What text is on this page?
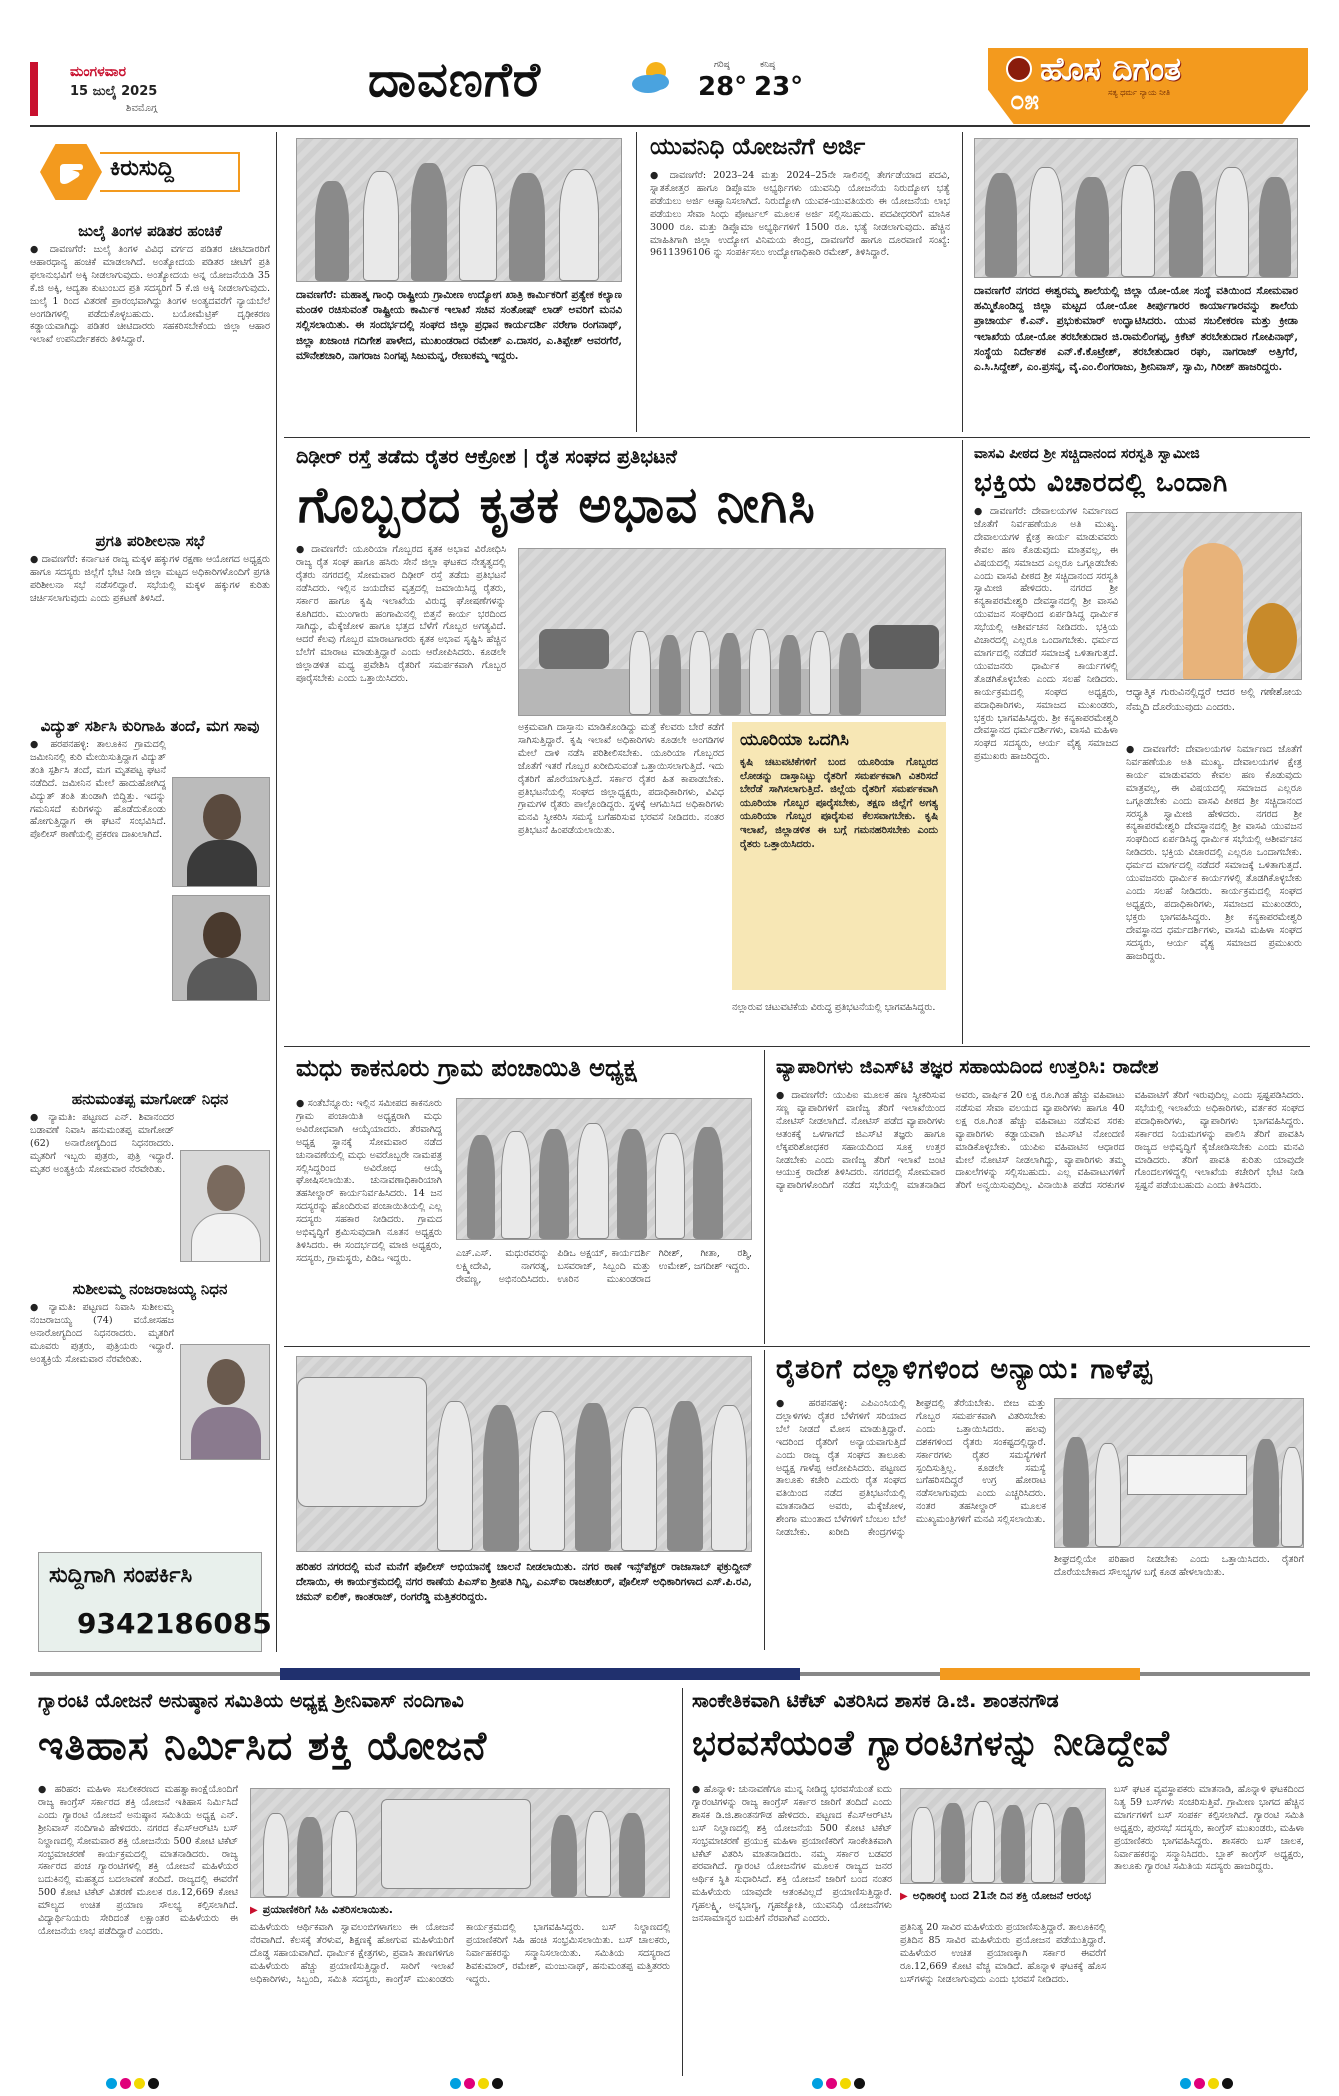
ಮಂಗಳವಾರ
15 ಜುಲೈ 2025
ಶಿವಮೊಗ್ಗ
ದಾವಣಗೆರೆ	ಗರಿಷ್ಠ
28°
ಕನಿಷ್ಠ
23°	ಹೊಸ ದಿಗಂತ
ಸತ್ಯ ಧರ್ಮ ನ್ಯಾಯ ನೀತಿ
೦೫
ಕಿರುಸುದ್ದಿ
ಜುಲೈ ತಿಂಗಳ ಪಡಿತರ ಹಂಚಿಕೆ
● ದಾವಣಗೆರೆ: ಜುಲೈ ತಿಂಗಳ ವಿವಿಧ ವರ್ಗದ ಪಡಿತರ ಚೀಟಿದಾರರಿಗೆ ಆಹಾರಧಾನ್ಯ ಹಂಚಿಕೆ ಮಾಡಲಾಗಿದೆ. ಅಂತ್ಯೋದಯ ಪಡಿತರ ಚೀಟಿಗೆ ಪ್ರತಿ ಫಲಾನುಭವಿಗೆ ಅಕ್ಕಿ ನೀಡಲಾಗುವುದು. ಅಂತ್ಯೋದಯ ಅನ್ನ ಯೋಜನೆಯಡಿ 35 ಕೆ.ಜಿ ಅಕ್ಕಿ, ಆದ್ಯತಾ ಕುಟುಂಬದ ಪ್ರತಿ ಸದಸ್ಯರಿಗೆ 5 ಕೆ.ಜಿ ಅಕ್ಕಿ ನೀಡಲಾಗುವುದು. ಜುಲೈ 1 ರಿಂದ ವಿತರಣೆ ಪ್ರಾರಂಭವಾಗಿದ್ದು ತಿಂಗಳ ಅಂತ್ಯದವರೆಗೆ ನ್ಯಾಯಬೆಲೆ ಅಂಗಡಿಗಳಲ್ಲಿ ಪಡೆದುಕೊಳ್ಳಬಹುದು. ಬಯೋಮೆಟ್ರಿಕ್ ದೃಢೀಕರಣ ಕಡ್ಡಾಯವಾಗಿದ್ದು ಪಡಿತರ ಚೀಟಿದಾರರು ಸಹಕರಿಸಬೇಕೆಂದು ಜಿಲ್ಲಾ ಆಹಾರ ಇಲಾಖೆ ಉಪನಿರ್ದೇಶಕರು ತಿಳಿಸಿದ್ದಾರೆ.
ಪ್ರಗತಿ ಪರಿಶೀಲನಾ ಸಭೆ
● ದಾವಣಗೆರೆ: ಕರ್ನಾಟಕ ರಾಜ್ಯ ಮಕ್ಕಳ ಹಕ್ಕುಗಳ ರಕ್ಷಣಾ ಆಯೋಗದ ಅಧ್ಯಕ್ಷರು ಹಾಗೂ ಸದಸ್ಯರು ಜಿಲ್ಲೆಗೆ ಭೇಟಿ ನೀಡಿ ಜಿಲ್ಲಾ ಮಟ್ಟದ ಅಧಿಕಾರಿಗಳೊಂದಿಗೆ ಪ್ರಗತಿ ಪರಿಶೀಲನಾ ಸಭೆ ನಡೆಸಲಿದ್ದಾರೆ. ಸಭೆಯಲ್ಲಿ ಮಕ್ಕಳ ಹಕ್ಕುಗಳ ಕುರಿತು ಚರ್ಚಿಸಲಾಗುವುದು ಎಂದು ಪ್ರಕಟಣೆ ತಿಳಿಸಿದೆ.
ವಿದ್ಯುತ್ ಸರ್ಶಿಸಿ ಕುರಿಗಾಹಿ ತಂದೆ, ಮಗ ಸಾವು
● ಹರಪನಹಳ್ಳಿ: ತಾಲೂಕಿನ ಗ್ರಾಮದಲ್ಲಿ ಜಮೀನಿನಲ್ಲಿ ಕುರಿ ಮೇಯಿಸುತ್ತಿದ್ದಾಗ ವಿದ್ಯುತ್ ತಂತಿ ಸ್ಪರ್ಶಿಸಿ ತಂದೆ, ಮಗ ಮೃತಪಟ್ಟ ಘಟನೆ ನಡೆದಿದೆ. ಜಮೀನಿನ ಮೇಲೆ ಹಾದುಹೋಗಿದ್ದ ವಿದ್ಯುತ್ ತಂತಿ ತುಂಡಾಗಿ ಬಿದ್ದಿತ್ತು. ಇದನ್ನು ಗಮನಿಸದೆ ಕುರಿಗಳನ್ನು ಹೊಡೆದುಕೊಂಡು ಹೋಗುತ್ತಿದ್ದಾಗ ಈ ಘಟನೆ ಸಂಭವಿಸಿದೆ. ಪೊಲೀಸ್ ಠಾಣೆಯಲ್ಲಿ ಪ್ರಕರಣ ದಾಖಲಾಗಿದೆ.
ಹನುಮಂತಪ್ಪ ಮಾಗೋಡ್ ನಿಧನ
● ನ್ಯಾಮತಿ: ಪಟ್ಟಣದ ಎನ್. ಶಿವಾನಂದರ ಬಡಾವಣೆ ನಿವಾಸಿ ಹನುಮಂತಪ್ಪ ಮಾಗೋಡ್ (62) ಅನಾರೋಗ್ಯದಿಂದ ನಿಧನರಾದರು. ಮೃತರಿಗೆ ಇಬ್ಬರು ಪುತ್ರರು, ಪುತ್ರಿ ಇದ್ದಾರೆ. ಮೃತರ ಅಂತ್ಯಕ್ರಿಯೆ ಸೋಮವಾರ ನೆರವೇರಿತು.
ಸುಶೀಲಮ್ಮ ನಂಜರಾಜಯ್ಯ ನಿಧನ
● ನ್ಯಾಮತಿ: ಪಟ್ಟಣದ ನಿವಾಸಿ ಸುಶೀಲಮ್ಮ ನಂಜರಾಜಯ್ಯ (74) ವಯೋಸಹಜ ಅನಾರೋಗ್ಯದಿಂದ ನಿಧನರಾದರು. ಮೃತರಿಗೆ ಮೂವರು ಪುತ್ರರು, ಪುತ್ರಿಯರು ಇದ್ದಾರೆ. ಅಂತ್ಯಕ್ರಿಯೆ ಸೋಮವಾರ ನೆರವೇರಿತು.
ಸುದ್ದಿಗಾಗಿ ಸಂಪರ್ಕಿಸಿ
9342186085
ದಾವಣಗೆರೆ: ಮಹಾತ್ಮ ಗಾಂಧಿ ರಾಷ್ಟ್ರೀಯ ಗ್ರಾಮೀಣ ಉದ್ಯೋಗ ಖಾತ್ರಿ ಕಾರ್ಮಿಕರಿಗೆ ಪ್ರತ್ಯೇಕ ಕಲ್ಯಾಣ ಮಂಡಳಿ ರಚಿಸುವಂತೆ ರಾಷ್ಟ್ರೀಯ ಕಾರ್ಮಿಕ ಇಲಾಖೆ ಸಚಿವ ಸಂತೋಷ್ ಲಾಡ್ ಅವರಿಗೆ ಮನವಿ ಸಲ್ಲಿಸಲಾಯಿತು. ಈ ಸಂದರ್ಭದಲ್ಲಿ ಸಂಘದ ಜಿಲ್ಲಾ ಪ್ರಧಾನ ಕಾರ್ಯದರ್ಶಿ ನರೇಗಾ ರಂಗನಾಥ್, ಜಿಲ್ಲಾ ಖಜಾಂಚಿ ಗದಿಗೇಶ ಪಾಳೇದ, ಮುಖಂಡರಾದ ರಮೇಶ್ ಎ.ದಾಸರ, ಎ.ತಿಪ್ಪೇಶ್ ಆವರಗೆರೆ, ಮೌನೇಶಚಾರಿ, ನಾಗರಾಜ ನಿಂಗಪ್ಪ ಸಿಜುಮನ್ನ, ರೇಣುಕಮ್ಮ ಇದ್ದರು.
ಯುವನಿಧಿ ಯೋಜನೆಗೆ ಅರ್ಜಿ
● ದಾವಣಗೆರೆ: 2023–24 ಮತ್ತು 2024–25ನೇ ಸಾಲಿನಲ್ಲಿ ತೇರ್ಗಡೆಯಾದ ಪದವಿ, ಸ್ನಾತಕೋತ್ತರ ಹಾಗೂ ಡಿಪ್ಲೊಮಾ ಅಭ್ಯರ್ಥಿಗಳು ಯುವನಿಧಿ ಯೋಜನೆಯ ನಿರುದ್ಯೋಗ ಭತ್ಯೆ ಪಡೆಯಲು ಅರ್ಜಿ ಆಹ್ವಾನಿಸಲಾಗಿದೆ. ನಿರುದ್ಯೋಗಿ ಯುವಕ-ಯುವತಿಯರು ಈ ಯೋಜನೆಯ ಲಾಭ ಪಡೆಯಲು ಸೇವಾ ಸಿಂಧು ಪೋರ್ಟಲ್ ಮೂಲಕ ಅರ್ಜಿ ಸಲ್ಲಿಸಬಹುದು. ಪದವೀಧರರಿಗೆ ಮಾಸಿಕ 3000 ರೂ. ಮತ್ತು ಡಿಪ್ಲೊಮಾ ಅಭ್ಯರ್ಥಿಗಳಿಗೆ 1500 ರೂ. ಭತ್ಯೆ ನೀಡಲಾಗುವುದು. ಹೆಚ್ಚಿನ ಮಾಹಿತಿಗಾಗಿ ಜಿಲ್ಲಾ ಉದ್ಯೋಗ ವಿನಿಮಯ ಕೇಂದ್ರ, ದಾವಣಗೆರೆ ಹಾಗೂ ದೂರವಾಣಿ ಸಂಖ್ಯೆ: 9611396106 ನ್ನು ಸಂಪರ್ಕಿಸಲು ಉದ್ಯೋಗಾಧಿಕಾರಿ ರಮೇಶ್, ತಿಳಿಸಿದ್ದಾರೆ.
ದಾವಣಗೆರೆ ನಗರದ ಈಶ್ವರಮ್ಮ ಶಾಲೆಯಲ್ಲಿ ಜಿಲ್ಲಾ ಯೋ-ಯೋ ಸಂಸ್ಥೆ ವತಿಯಿಂದ ಸೋಮವಾರ ಹಮ್ಮಿಕೊಂಡಿದ್ದ ಜಿಲ್ಲಾ ಮಟ್ಟದ ಯೋ-ಯೋ ತೀರ್ಪುಗಾರರ ಕಾರ್ಯಾಗಾರವನ್ನು ಶಾಲೆಯ ಪ್ರಾಚಾರ್ಯ ಕೆ.ಎನ್. ಪ್ರಭುಕುಮಾರ್ ಉದ್ಘಾಟಿಸಿದರು. ಯುವ ಸಬಲೀಕರಣ ಮತ್ತು ಕ್ರೀಡಾ ಇಲಾಖೆಯ ಯೋ-ಯೋ ತರಬೇತುದಾರ ಜಿ.ರಾಮಲಿಂಗಪ್ಪ, ಕ್ರಿಕೆಟ್ ತರಬೇತುದಾರ ಗೋಪಿನಾಥ್, ಸಂಸ್ಥೆಯ ನಿರ್ದೇಶಕ ಎನ್.ಕೆ.ಕೊಟ್ರೇಶ್, ತರಬೇತುದಾರ ರಘು, ನಾಗರಾಜ್ ಅತ್ತಿಗೆರೆ, ಎ.ಸಿ.ಸಿದ್ದೇಶ್, ಎಂ.ಪ್ರಸನ್ನ, ವೈ.ಎಂ.ಲಿಂಗರಾಜು, ಶ್ರೀನಿವಾಸ್, ಸ್ವಾಮಿ, ಗಿರೀಶ್ ಹಾಜರಿದ್ದರು.
ದಿಢೀರ್ ರಸ್ತೆ ತಡೆದು ರೈತರ ಆಕ್ರೋಶ | ರೈತ ಸಂಘದ ಪ್ರತಿಭಟನೆ
ಗೊಬ್ಬರದ ಕೃತಕ ಅಭಾವ ನೀಗಿಸಿ
● ದಾವಣಗೆರೆ: ಯೂರಿಯಾ ಗೊಬ್ಬರದ ಕೃತಕ ಅಭಾವ ವಿರೋಧಿಸಿ ರಾಜ್ಯ ರೈತ ಸಂಘ ಹಾಗೂ ಹಸಿರು ಸೇನೆ ಜಿಲ್ಲಾ ಘಟಕದ ನೇತೃತ್ವದಲ್ಲಿ ರೈತರು ನಗರದಲ್ಲಿ ಸೋಮವಾರ ದಿಢೀರ್ ರಸ್ತೆ ತಡೆದು ಪ್ರತಿಭಟನೆ ನಡೆಸಿದರು. ಇಲ್ಲಿನ ಜಯದೇವ ವೃತ್ತದಲ್ಲಿ ಜಮಾಯಿಸಿದ್ದ ರೈತರು, ಸರ್ಕಾರ ಹಾಗೂ ಕೃಷಿ ಇಲಾಖೆಯ ವಿರುದ್ಧ ಘೋಷಣೆಗಳನ್ನು ಕೂಗಿದರು. ಮುಂಗಾರು ಹಂಗಾಮಿನಲ್ಲಿ ಬಿತ್ತನೆ ಕಾರ್ಯ ಭರದಿಂದ ಸಾಗಿದ್ದು, ಮೆಕ್ಕೆಜೋಳ ಹಾಗೂ ಭತ್ತದ ಬೆಳೆಗೆ ಗೊಬ್ಬರ ಅಗತ್ಯವಿದೆ. ಆದರೆ ಕೆಲವು ಗೊಬ್ಬರ ಮಾರಾಟಗಾರರು ಕೃತಕ ಅಭಾವ ಸೃಷ್ಟಿಸಿ ಹೆಚ್ಚಿನ ಬೆಲೆಗೆ ಮಾರಾಟ ಮಾಡುತ್ತಿದ್ದಾರೆ ಎಂದು ಆರೋಪಿಸಿದರು. ಕೂಡಲೇ ಜಿಲ್ಲಾಡಳಿತ ಮಧ್ಯ ಪ್ರವೇಶಿಸಿ ರೈತರಿಗೆ ಸಮರ್ಪಕವಾಗಿ ಗೊಬ್ಬರ ಪೂರೈಸಬೇಕು ಎಂದು ಒತ್ತಾಯಿಸಿದರು.
ಅಕ್ರಮವಾಗಿ ದಾಸ್ತಾನು ಮಾಡಿಕೊಂಡಿದ್ದು ಮತ್ತೆ ಕೆಲವರು ಬೇರೆ ಕಡೆಗೆ ಸಾಗಿಸುತ್ತಿದ್ದಾರೆ. ಕೃಷಿ ಇಲಾಖೆ ಅಧಿಕಾರಿಗಳು ಕೂಡಲೇ ಅಂಗಡಿಗಳ ಮೇಲೆ ದಾಳಿ ನಡೆಸಿ ಪರಿಶೀಲಿಸಬೇಕು. ಯೂರಿಯಾ ಗೊಬ್ಬರದ ಜೊತೆಗೆ ಇತರೆ ಗೊಬ್ಬರ ಖರೀದಿಸುವಂತೆ ಒತ್ತಾಯಿಸಲಾಗುತ್ತಿದೆ. ಇದು ರೈತರಿಗೆ ಹೊರೆಯಾಗುತ್ತಿದೆ. ಸರ್ಕಾರ ರೈತರ ಹಿತ ಕಾಪಾಡಬೇಕು. ಪ್ರತಿಭಟನೆಯಲ್ಲಿ ಸಂಘದ ಜಿಲ್ಲಾಧ್ಯಕ್ಷರು, ಪದಾಧಿಕಾರಿಗಳು, ವಿವಿಧ ಗ್ರಾಮಗಳ ರೈತರು ಪಾಲ್ಗೊಂಡಿದ್ದರು. ಸ್ಥಳಕ್ಕೆ ಆಗಮಿಸಿದ ಅಧಿಕಾರಿಗಳು ಮನವಿ ಸ್ವೀಕರಿಸಿ ಸಮಸ್ಯೆ ಬಗೆಹರಿಸುವ ಭರವಸೆ ನೀಡಿದರು. ನಂತರ ಪ್ರತಿಭಟನೆ ಹಿಂಪಡೆಯಲಾಯಿತು.
ಯೂರಿಯಾ ಒದಗಿಸಿ
ಕೃಷಿ ಚಟುವಟಿಕೆಗಳಿಗೆ ಬಂದ ಯೂರಿಯಾ ಗೊಬ್ಬರದ ಲೋಡನ್ನು ದಾಸ್ತಾನಿಟ್ಟು ರೈತರಿಗೆ ಸಮರ್ಪಕವಾಗಿ ವಿತರಿಸದೆ ಬೇರೆಡೆ ಸಾಗಿಸಲಾಗುತ್ತಿದೆ. ಜಿಲ್ಲೆಯ ರೈತರಿಗೆ ಸಮರ್ಪಕವಾಗಿ ಯೂರಿಯಾ ಗೊಬ್ಬರ ಪೂರೈಸಬೇಕು, ತಕ್ಷಣ ಜಿಲ್ಲೆಗೆ ಅಗತ್ಯ ಯೂರಿಯಾ ಗೊಬ್ಬರ ಪೂರೈಸುವ ಕೆಲಸವಾಗಬೇಕು. ಕೃಷಿ ಇಲಾಖೆ, ಜಿಲ್ಲಾಡಳಿತ ಈ ಬಗ್ಗೆ ಗಮನಹರಿಸಬೇಕು ಎಂದು ರೈತರು ಒತ್ತಾಯಿಸಿದರು.
ನಲ್ಲಾರುವ ಚಟುವಟಿಕೆಯ ವಿರುದ್ಧ ಪ್ರತಿಭಟನೆಯಲ್ಲಿ ಭಾಗವಹಿಸಿದ್ದರು.
ವಾಸವಿ ಪೀಠದ ಶ್ರೀ ಸಚ್ಚಿದಾನಂದ ಸರಸ್ವತಿ ಸ್ವಾಮೀಜಿ
ಭಕ್ತಿಯ ವಿಚಾರದಲ್ಲಿ ಒಂದಾಗಿ
● ದಾವಣಗೆರೆ: ದೇವಾಲಯಗಳ ನಿರ್ಮಾಣದ ಜೊತೆಗೆ ನಿರ್ವಹಣೆಯೂ ಅತಿ ಮುಖ್ಯ. ದೇವಾಲಯಗಳ ಕ್ಷೇತ್ರ ಕಾರ್ಯ ಮಾಡುವವರು ಕೇವಲ ಹಣ ಕೊಡುವುದು ಮಾತ್ರವಲ್ಲ, ಈ ವಿಷಯದಲ್ಲಿ ಸಮಾಜದ ಎಲ್ಲರೂ ಒಗ್ಗೂಡಬೇಕು ಎಂದು ವಾಸವಿ ಪೀಠದ ಶ್ರೀ ಸಚ್ಚಿದಾನಂದ ಸರಸ್ವತಿ ಸ್ವಾಮೀಜಿ ಹೇಳಿದರು. ನಗರದ ಶ್ರೀ ಕನ್ಯಕಾಪರಮೇಶ್ವರಿ ದೇವಸ್ಥಾನದಲ್ಲಿ ಶ್ರೀ ವಾಸವಿ ಯುವಜನ ಸಂಘದಿಂದ ಏರ್ಪಡಿಸಿದ್ದ ಧಾರ್ಮಿಕ ಸಭೆಯಲ್ಲಿ ಆಶೀರ್ವಚನ ನೀಡಿದರು. ಭಕ್ತಿಯ ವಿಚಾರದಲ್ಲಿ ಎಲ್ಲರೂ ಒಂದಾಗಬೇಕು. ಧರ್ಮದ ಮಾರ್ಗದಲ್ಲಿ ನಡೆದರೆ ಸಮಾಜಕ್ಕೆ ಒಳಿತಾಗುತ್ತದೆ. ಯುವಜನರು ಧಾರ್ಮಿಕ ಕಾರ್ಯಗಳಲ್ಲಿ ತೊಡಗಿಕೊಳ್ಳಬೇಕು ಎಂದು ಸಲಹೆ ನೀಡಿದರು. ಕಾರ್ಯಕ್ರಮದಲ್ಲಿ ಸಂಘದ ಅಧ್ಯಕ್ಷರು, ಪದಾಧಿಕಾರಿಗಳು, ಸಮಾಜದ ಮುಖಂಡರು, ಭಕ್ತರು ಭಾಗವಹಿಸಿದ್ದರು. ಶ್ರೀ ಕನ್ಯಕಾಪರಮೇಶ್ವರಿ ದೇವಸ್ಥಾನದ ಧರ್ಮದರ್ಶಿಗಳು, ವಾಸವಿ ಮಹಿಳಾ ಸಂಘದ ಸದಸ್ಯರು, ಆರ್ಯ ವೈಶ್ಯ ಸಮಾಜದ ಪ್ರಮುಖರು ಹಾಜರಿದ್ದರು.
ಆಧ್ಯಾತ್ಮಿಕ ಗುರುವಿನಲ್ಲಿದ್ದರೆ ಆದರ ಅಲ್ಲಿ ಗಣೇಶೋಯ ನೆಮ್ಮದಿ ದೊರೆಯುವುದು ಎಂದರು.
● ದಾವಣಗೆರೆ: ದೇವಾಲಯಗಳ ನಿರ್ಮಾಣದ ಜೊತೆಗೆ ನಿರ್ವಹಣೆಯೂ ಅತಿ ಮುಖ್ಯ. ದೇವಾಲಯಗಳ ಕ್ಷೇತ್ರ ಕಾರ್ಯ ಮಾಡುವವರು ಕೇವಲ ಹಣ ಕೊಡುವುದು ಮಾತ್ರವಲ್ಲ, ಈ ವಿಷಯದಲ್ಲಿ ಸಮಾಜದ ಎಲ್ಲರೂ ಒಗ್ಗೂಡಬೇಕು ಎಂದು ವಾಸವಿ ಪೀಠದ ಶ್ರೀ ಸಚ್ಚಿದಾನಂದ ಸರಸ್ವತಿ ಸ್ವಾಮೀಜಿ ಹೇಳಿದರು. ನಗರದ ಶ್ರೀ ಕನ್ಯಕಾಪರಮೇಶ್ವರಿ ದೇವಸ್ಥಾನದಲ್ಲಿ ಶ್ರೀ ವಾಸವಿ ಯುವಜನ ಸಂಘದಿಂದ ಏರ್ಪಡಿಸಿದ್ದ ಧಾರ್ಮಿಕ ಸಭೆಯಲ್ಲಿ ಆಶೀರ್ವಚನ ನೀಡಿದರು. ಭಕ್ತಿಯ ವಿಚಾರದಲ್ಲಿ ಎಲ್ಲರೂ ಒಂದಾಗಬೇಕು. ಧರ್ಮದ ಮಾರ್ಗದಲ್ಲಿ ನಡೆದರೆ ಸಮಾಜಕ್ಕೆ ಒಳಿತಾಗುತ್ತದೆ. ಯುವಜನರು ಧಾರ್ಮಿಕ ಕಾರ್ಯಗಳಲ್ಲಿ ತೊಡಗಿಕೊಳ್ಳಬೇಕು ಎಂದು ಸಲಹೆ ನೀಡಿದರು. ಕಾರ್ಯಕ್ರಮದಲ್ಲಿ ಸಂಘದ ಅಧ್ಯಕ್ಷರು, ಪದಾಧಿಕಾರಿಗಳು, ಸಮಾಜದ ಮುಖಂಡರು, ಭಕ್ತರು ಭಾಗವಹಿಸಿದ್ದರು. ಶ್ರೀ ಕನ್ಯಕಾಪರಮೇಶ್ವರಿ ದೇವಸ್ಥಾನದ ಧರ್ಮದರ್ಶಿಗಳು, ವಾಸವಿ ಮಹಿಳಾ ಸಂಘದ ಸದಸ್ಯರು, ಆರ್ಯ ವೈಶ್ಯ ಸಮಾಜದ ಪ್ರಮುಖರು ಹಾಜರಿದ್ದರು.
ಮಧು ಕಾಕನೂರು ಗ್ರಾಮ ಪಂಚಾಯಿತಿ ಅಧ್ಯಕ್ಷ
● ಸಂತೆಬೆನ್ನೂರು: ಇಲ್ಲಿನ ಸಮೀಪದ ಕಾಕನೂರು ಗ್ರಾಮ ಪಂಚಾಯಿತಿ ಅಧ್ಯಕ್ಷರಾಗಿ ಮಧು ಅವಿರೋಧವಾಗಿ ಆಯ್ಕೆಯಾದರು. ತೆರವಾಗಿದ್ದ ಅಧ್ಯಕ್ಷ ಸ್ಥಾನಕ್ಕೆ ಸೋಮವಾರ ನಡೆದ ಚುನಾವಣೆಯಲ್ಲಿ ಮಧು ಅವರೊಬ್ಬರೇ ನಾಮಪತ್ರ ಸಲ್ಲಿಸಿದ್ದರಿಂದ ಅವಿರೋಧ ಆಯ್ಕೆ ಘೋಷಿಸಲಾಯಿತು. ಚುನಾವಣಾಧಿಕಾರಿಯಾಗಿ ತಹಸೀಲ್ದಾರ್ ಕಾರ್ಯನಿರ್ವಹಿಸಿದರು. 14 ಜನ ಸದಸ್ಯರನ್ನು ಹೊಂದಿರುವ ಪಂಚಾಯಿತಿಯಲ್ಲಿ ಎಲ್ಲ ಸದಸ್ಯರು ಸಹಕಾರ ನೀಡಿದರು. ಗ್ರಾಮದ ಅಭಿವೃದ್ಧಿಗೆ ಶ್ರಮಿಸುವುದಾಗಿ ನೂತನ ಅಧ್ಯಕ್ಷರು ತಿಳಿಸಿದರು. ಈ ಸಂದರ್ಭದಲ್ಲಿ ಮಾಜಿ ಅಧ್ಯಕ್ಷರು, ಸದಸ್ಯರು, ಗ್ರಾಮಸ್ಥರು, ಪಿಡಿಒ ಇದ್ದರು.	ಎಚ್.ಎಸ್. ಮಧುರವರನ್ನು ಲಕ್ಷ್ಮೀದೇವಿ, ನಾಗರತ್ನ, ರೇವಣ್ಣ, ಅಭಿನಂದಿಸಿದರು. ಪಿಡಿಒ ಅಕ್ಷಯ್, ಕಾರ್ಯದರ್ಶಿ ಬಸವರಾಜ್, ಸಿಬ್ಬಂದಿ ಮತ್ತು ಊರಿನ ಮುಖಂಡರಾದ ಗಿರೀಶ್, ಗೀತಾ, ರಶ್ಮಿ, ಉಮೇಶ್, ಜಗದೀಶ್ ಇದ್ದರು.
ವ್ಯಾಪಾರಿಗಳು ಜಿಎಸ್‌ಟಿ ತಜ್ಞರ ಸಹಾಯದಿಂದ ಉತ್ತರಿಸಿ: ರಾದೇಶ
● ದಾವಣಗೆರೆ: ಯುಪಿಐ ಮೂಲಕ ಹಣ ಸ್ವೀಕರಿಸುವ ಸಣ್ಣ ವ್ಯಾಪಾರಿಗಳಿಗೆ ವಾಣಿಜ್ಯ ತೆರಿಗೆ ಇಲಾಖೆಯಿಂದ ನೋಟಿಸ್ ನೀಡಲಾಗಿದೆ. ನೋಟಿಸ್ ಪಡೆದ ವ್ಯಾಪಾರಿಗಳು ಆತಂಕಕ್ಕೆ ಒಳಗಾಗದೆ ಜಿಎಸ್‌ಟಿ ತಜ್ಞರು ಹಾಗೂ ಲೆಕ್ಕಪರಿಶೋಧಕರ ಸಹಾಯದಿಂದ ಸೂಕ್ತ ಉತ್ತರ ನೀಡಬೇಕು ಎಂದು ವಾಣಿಜ್ಯ ತೆರಿಗೆ ಇಲಾಖೆ ಜಂಟಿ ಆಯುಕ್ತ ರಾದೇಶ ತಿಳಿಸಿದರು. ನಗರದಲ್ಲಿ ಸೋಮವಾರ ವ್ಯಾಪಾರಿಗಳೊಂದಿಗೆ ನಡೆದ ಸಭೆಯಲ್ಲಿ ಮಾತನಾಡಿದ ಅವರು, ವಾರ್ಷಿಕ 20 ಲಕ್ಷ ರೂ.ಗಿಂತ ಹೆಚ್ಚು ವಹಿವಾಟು ನಡೆಸುವ ಸೇವಾ ವಲಯದ ವ್ಯಾಪಾರಿಗಳು ಹಾಗೂ 40 ಲಕ್ಷ ರೂ.ಗಿಂತ ಹೆಚ್ಚು ವಹಿವಾಟು ನಡೆಸುವ ಸರಕು ವ್ಯಾಪಾರಿಗಳು ಕಡ್ಡಾಯವಾಗಿ ಜಿಎಸ್‌ಟಿ ನೋಂದಣಿ ಮಾಡಿಕೊಳ್ಳಬೇಕು. ಯುಪಿಐ ವಹಿವಾಟಿನ ಆಧಾರದ ಮೇಲೆ ನೋಟಿಸ್ ನೀಡಲಾಗಿದ್ದು, ವ್ಯಾಪಾರಿಗಳು ತಮ್ಮ ದಾಖಲೆಗಳನ್ನು ಸಲ್ಲಿಸಬಹುದು. ಎಲ್ಲ ವಹಿವಾಟುಗಳಿಗೆ ತೆರಿಗೆ ಅನ್ವಯಿಸುವುದಿಲ್ಲ. ವಿನಾಯಿತಿ ಪಡೆದ ಸರಕುಗಳ ವಹಿವಾಟಿಗೆ ತೆರಿಗೆ ಇರುವುದಿಲ್ಲ ಎಂದು ಸ್ಪಷ್ಟಪಡಿಸಿದರು. ಸಭೆಯಲ್ಲಿ ಇಲಾಖೆಯ ಅಧಿಕಾರಿಗಳು, ವರ್ತಕರ ಸಂಘದ ಪದಾಧಿಕಾರಿಗಳು, ವ್ಯಾಪಾರಿಗಳು ಭಾಗವಹಿಸಿದ್ದರು. ಸರ್ಕಾರದ ನಿಯಮಗಳನ್ನು ಪಾಲಿಸಿ ತೆರಿಗೆ ಪಾವತಿಸಿ ರಾಜ್ಯದ ಅಭಿವೃದ್ಧಿಗೆ ಕೈಜೋಡಿಸಬೇಕು ಎಂದು ಮನವಿ ಮಾಡಿದರು. ತೆರಿಗೆ ಪಾವತಿ ಕುರಿತು ಯಾವುದೇ ಗೊಂದಲಗಳಿದ್ದಲ್ಲಿ ಇಲಾಖೆಯ ಕಚೇರಿಗೆ ಭೇಟಿ ನೀಡಿ ಸ್ಪಷ್ಟನೆ ಪಡೆಯಬಹುದು ಎಂದು ತಿಳಿಸಿದರು.
ಹರಿಹರ ನಗರದಲ್ಲಿ ಮನೆ ಮನೆಗೆ ಪೊಲೀಸ್ ಅಭಿಯಾನಕ್ಕೆ ಚಾಲನೆ ನೀಡಲಾಯಿತು. ನಗರ ಠಾಣೆ ಇನ್ಸ್‌ಪೆಕ್ಟರ್ ರಾಜಾಸಾಬ್ ಫಕ್ರುದ್ದೀನ್ ದೇಸಾಯಿ, ಈ ಕಾರ್ಯಕ್ರಮದಲ್ಲಿ ನಗರ ಠಾಣೆಯ ಪಿಎಸ್ಐ ಶ್ರೀಪತಿ ಗಿನ್ನಿ, ಎಎಸ್ಐ ರಾಜಶೇಖರ್, ಪೊಲೀಸ್ ಅಧಿಕಾರಿಗಳಾದ ಎಸ್.ಪಿ.ರವಿ, ಚಮನ್ ಐಲಿಕ್, ಕಾಂತರಾಜ್, ರಂಗರೆಡ್ಡಿ ಮತ್ತಿತರರಿದ್ದರು.
ರೈತರಿಗೆ ದಲ್ಲಾಳಿಗಳಿಂದ ಅನ್ಯಾಯ: ಗಾಳೆಪ್ಪ
● ಹರಪನಹಳ್ಳಿ: ಎಪಿಎಂಸಿಯಲ್ಲಿ ದಲ್ಲಾಳಿಗಳು ರೈತರ ಬೆಳೆಗಳಿಗೆ ಸರಿಯಾದ ಬೆಲೆ ನೀಡದೆ ಮೋಸ ಮಾಡುತ್ತಿದ್ದಾರೆ. ಇದರಿಂದ ರೈತರಿಗೆ ಅನ್ಯಾಯವಾಗುತ್ತಿದೆ ಎಂದು ರಾಜ್ಯ ರೈತ ಸಂಘದ ತಾಲೂಕು ಅಧ್ಯಕ್ಷ ಗಾಳೆಪ್ಪ ಆರೋಪಿಸಿದರು. ಪಟ್ಟಣದ ತಾಲೂಕು ಕಚೇರಿ ಎದುರು ರೈತ ಸಂಘದ ವತಿಯಿಂದ ನಡೆದ ಪ್ರತಿಭಟನೆಯಲ್ಲಿ ಮಾತನಾಡಿದ ಅವರು, ಮೆಕ್ಕೆಜೋಳ, ಶೇಂಗಾ ಮುಂತಾದ ಬೆಳೆಗಳಿಗೆ ಬೆಂಬಲ ಬೆಲೆ ನೀಡಬೇಕು. ಖರೀದಿ ಕೇಂದ್ರಗಳನ್ನು ಶೀಘ್ರದಲ್ಲಿ ತೆರೆಯಬೇಕು. ಬೀಜ ಮತ್ತು ಗೊಬ್ಬರ ಸಮರ್ಪಕವಾಗಿ ವಿತರಿಸಬೇಕು ಎಂದು ಒತ್ತಾಯಿಸಿದರು. ಹಲವು ದಶಕಗಳಿಂದ ರೈತರು ಸಂಕಷ್ಟದಲ್ಲಿದ್ದಾರೆ. ಸರ್ಕಾರಗಳು ರೈತರ ಸಮಸ್ಯೆಗಳಿಗೆ ಸ್ಪಂದಿಸುತ್ತಿಲ್ಲ. ಕೂಡಲೇ ಸಮಸ್ಯೆ ಬಗೆಹರಿಸದಿದ್ದರೆ ಉಗ್ರ ಹೋರಾಟ ನಡೆಸಲಾಗುವುದು ಎಂದು ಎಚ್ಚರಿಸಿದರು. ನಂತರ ತಹಸೀಲ್ದಾರ್ ಮೂಲಕ ಮುಖ್ಯಮಂತ್ರಿಗಳಿಗೆ ಮನವಿ ಸಲ್ಲಿಸಲಾಯಿತು.
ಶೀಘ್ರದಲ್ಲಿಯೇ ಪರಿಹಾರ ನೀಡಬೇಕು ಎಂದು ಒತ್ತಾಯಿಸಿದರು. ರೈತರಿಗೆ ದೊರೆಯಬೇಕಾದ ಸೌಲಭ್ಯಗಳ ಬಗ್ಗೆ ಕೂಡ ಹೇಳಲಾಯಿತು.
ಗ್ಯಾರಂಟಿ ಯೋಜನೆ ಅನುಷ್ಠಾನ ಸಮಿತಿಯ ಅಧ್ಯಕ್ಷ ಶ್ರೀನಿವಾಸ್ ನಂದಿಗಾವಿ
ಇತಿಹಾಸ ನಿರ್ಮಿಸಿದ ಶಕ್ತಿ ಯೋಜನೆ
● ಹರಿಹರ: ಮಹಿಳಾ ಸಬಲೀಕರಣದ ಮಹತ್ವಾಕಾಂಕ್ಷೆಯೊಂದಿಗೆ ರಾಜ್ಯ ಕಾಂಗ್ರೆಸ್ ಸರ್ಕಾರದ ಶಕ್ತಿ ಯೋಜನೆ ಇತಿಹಾಸ ನಿರ್ಮಿಸಿದೆ ಎಂದು ಗ್ಯಾರಂಟಿ ಯೋಜನೆ ಅನುಷ್ಠಾನ ಸಮಿತಿಯ ಅಧ್ಯಕ್ಷ ಎನ್. ಶ್ರೀನಿವಾಸ್ ನಂದಿಗಾವಿ ಹೇಳಿದರು. ನಗರದ ಕೆಎಸ್‌ಆರ್‌ಟಿಸಿ ಬಸ್ ನಿಲ್ದಾಣದಲ್ಲಿ ಸೋಮವಾರ ಶಕ್ತಿ ಯೋಜನೆಯ 500 ಕೋಟಿ ಟಿಕೆಟ್ ಸಂಭ್ರಮಾಚರಣೆ ಕಾರ್ಯಕ್ರಮದಲ್ಲಿ ಮಾತನಾಡಿದರು. ರಾಜ್ಯ ಸರ್ಕಾರದ ಪಂಚ ಗ್ಯಾರಂಟಿಗಳಲ್ಲಿ ಶಕ್ತಿ ಯೋಜನೆ ಮಹಿಳೆಯರ ಬದುಕಿನಲ್ಲಿ ಮಹತ್ವದ ಬದಲಾವಣೆ ತಂದಿದೆ. ರಾಜ್ಯದಲ್ಲಿ ಈವರೆಗೆ 500 ಕೋಟಿ ಟಿಕೆಟ್ ವಿತರಣೆ ಮೂಲಕ ರೂ.12,669 ಕೋಟಿ ಮೌಲ್ಯದ ಉಚಿತ ಪ್ರಯಾಣ ಸೌಲಭ್ಯ ಕಲ್ಪಿಸಲಾಗಿದೆ. ವಿದ್ಯಾರ್ಥಿನಿಯರು ಸೇರಿದಂತೆ ಲಕ್ಷಾಂತರ ಮಹಿಳೆಯರು ಈ ಯೋಜನೆಯ ಲಾಭ ಪಡೆದಿದ್ದಾರೆ ಎಂದರು.
▶ ಪ್ರಯಾಣಿಕರಿಗೆ ಸಿಹಿ ವಿತರಿಸಲಾಯಿತು.
ಮಹಿಳೆಯರು ಆರ್ಥಿಕವಾಗಿ ಸ್ವಾವಲಂಬಿಗಳಾಗಲು ಈ ಯೋಜನೆ ನೆರವಾಗಿದೆ. ಕೆಲಸಕ್ಕೆ ತೆರಳುವ, ಶಿಕ್ಷಣಕ್ಕೆ ಹೋಗುವ ಮಹಿಳೆಯರಿಗೆ ದೊಡ್ಡ ಸಹಾಯವಾಗಿದೆ. ಧಾರ್ಮಿಕ ಕ್ಷೇತ್ರಗಳು, ಪ್ರವಾಸಿ ತಾಣಗಳಿಗೂ ಮಹಿಳೆಯರು ಹೆಚ್ಚು ಪ್ರಯಾಣಿಸುತ್ತಿದ್ದಾರೆ. ಸಾರಿಗೆ ಇಲಾಖೆ ಅಧಿಕಾರಿಗಳು, ಸಿಬ್ಬಂದಿ, ಸಮಿತಿ ಸದಸ್ಯರು, ಕಾಂಗ್ರೆಸ್ ಮುಖಂಡರು ಕಾರ್ಯಕ್ರಮದಲ್ಲಿ ಭಾಗವಹಿಸಿದ್ದರು. ಬಸ್ ನಿಲ್ದಾಣದಲ್ಲಿ ಪ್ರಯಾಣಿಕರಿಗೆ ಸಿಹಿ ಹಂಚಿ ಸಂಭ್ರಮಿಸಲಾಯಿತು. ಬಸ್ ಚಾಲಕರು, ನಿರ್ವಾಹಕರನ್ನು ಸನ್ಮಾನಿಸಲಾಯಿತು. ಸಮಿತಿಯ ಸದಸ್ಯರಾದ ಶಿವಕುಮಾರ್, ರಮೇಶ್, ಮಂಜುನಾಥ್, ಹನುಮಂತಪ್ಪ ಮತ್ತಿತರರು ಇದ್ದರು.
ಸಾಂಕೇತಿಕವಾಗಿ ಟಿಕೆಟ್ ವಿತರಿಸಿದ ಶಾಸಕ ಡಿ.ಜಿ. ಶಾಂತನಗೌಡ
ಭರವಸೆಯಂತೆ ಗ್ಯಾರಂಟಿಗಳನ್ನು ನೀಡಿದ್ದೇವೆ
● ಹೊನ್ನಾಳಿ: ಚುನಾವಣೆಗೂ ಮುನ್ನ ನೀಡಿದ್ದ ಭರವಸೆಯಂತೆ ಐದು ಗ್ಯಾರಂಟಿಗಳನ್ನು ರಾಜ್ಯ ಕಾಂಗ್ರೆಸ್ ಸರ್ಕಾರ ಜಾರಿಗೆ ತಂದಿದೆ ಎಂದು ಶಾಸಕ ಡಿ.ಜಿ.ಶಾಂತನಗೌಡ ಹೇಳಿದರು. ಪಟ್ಟಣದ ಕೆಎಸ್‌ಆರ್‌ಟಿಸಿ ಬಸ್ ನಿಲ್ದಾಣದಲ್ಲಿ ಶಕ್ತಿ ಯೋಜನೆಯ 500 ಕೋಟಿ ಟಿಕೆಟ್ ಸಂಭ್ರಮಾಚರಣೆ ಪ್ರಯುಕ್ತ ಮಹಿಳಾ ಪ್ರಯಾಣಿಕರಿಗೆ ಸಾಂಕೇತಿಕವಾಗಿ ಟಿಕೆಟ್ ವಿತರಿಸಿ ಮಾತನಾಡಿದರು. ನಮ್ಮ ಸರ್ಕಾರ ಬಡವರ ಪರವಾಗಿದೆ. ಗ್ಯಾರಂಟಿ ಯೋಜನೆಗಳ ಮೂಲಕ ರಾಜ್ಯದ ಜನರ ಆರ್ಥಿಕ ಸ್ಥಿತಿ ಸುಧಾರಿಸಿದೆ. ಶಕ್ತಿ ಯೋಜನೆ ಜಾರಿಗೆ ಬಂದ ನಂತರ ಮಹಿಳೆಯರು ಯಾವುದೇ ಆತಂಕವಿಲ್ಲದೆ ಪ್ರಯಾಣಿಸುತ್ತಿದ್ದಾರೆ. ಗೃಹಲಕ್ಷ್ಮಿ, ಅನ್ನಭಾಗ್ಯ, ಗೃಹಜ್ಯೋತಿ, ಯುವನಿಧಿ ಯೋಜನೆಗಳು ಜನಸಾಮಾನ್ಯರ ಬದುಕಿಗೆ ನೆರವಾಗಿವೆ ಎಂದರು.
▶ ಅಧಿಕಾರಕ್ಕೆ ಬಂದ 21ನೇ ದಿನ ಶಕ್ತಿ ಯೋಜನೆ ಆರಂಭ
ಪ್ರತಿನಿತ್ಯ 20 ಸಾವಿರ ಮಹಿಳೆಯರು ಪ್ರಯಾಣಿಸುತ್ತಿದ್ದಾರೆ. ತಾಲೂಕಿನಲ್ಲಿ ಪ್ರತಿದಿನ 85 ಸಾವಿರ ಮಹಿಳೆಯರು ಪ್ರಯೋಜನ ಪಡೆಯುತ್ತಿದ್ದಾರೆ. ಮಹಿಳೆಯರ ಉಚಿತ ಪ್ರಯಾಣಕ್ಕಾಗಿ ಸರ್ಕಾರ ಈವರೆಗೆ ರೂ.12,669 ಕೋಟಿ ವೆಚ್ಚ ಮಾಡಿದೆ. ಹೊನ್ನಾಳಿ ಘಟಕಕ್ಕೆ ಹೊಸ ಬಸ್‌ಗಳನ್ನು ನೀಡಲಾಗುವುದು ಎಂದು ಭರವಸೆ ನೀಡಿದರು.
ಬಸ್ ಘಟಕ ವ್ಯವಸ್ಥಾಪಕರು ಮಾತನಾಡಿ, ಹೊನ್ನಾಳಿ ಘಟಕದಿಂದ ನಿತ್ಯ 59 ಬಸ್‌ಗಳು ಸಂಚರಿಸುತ್ತಿವೆ. ಗ್ರಾಮೀಣ ಭಾಗದ ಹೆಚ್ಚಿನ ಮಾರ್ಗಗಳಿಗೆ ಬಸ್ ಸಂಪರ್ಕ ಕಲ್ಪಿಸಲಾಗಿದೆ. ಗ್ಯಾರಂಟಿ ಸಮಿತಿ ಅಧ್ಯಕ್ಷರು, ಪುರಸಭೆ ಸದಸ್ಯರು, ಕಾಂಗ್ರೆಸ್ ಮುಖಂಡರು, ಮಹಿಳಾ ಪ್ರಯಾಣಿಕರು ಭಾಗವಹಿಸಿದ್ದರು. ಶಾಸಕರು ಬಸ್ ಚಾಲಕ, ನಿರ್ವಾಹಕರನ್ನು ಸನ್ಮಾನಿಸಿದರು. ಬ್ಲಾಕ್ ಕಾಂಗ್ರೆಸ್ ಅಧ್ಯಕ್ಷರು, ತಾಲೂಕು ಗ್ಯಾರಂಟಿ ಸಮಿತಿಯ ಸದಸ್ಯರು ಹಾಜರಿದ್ದರು.
